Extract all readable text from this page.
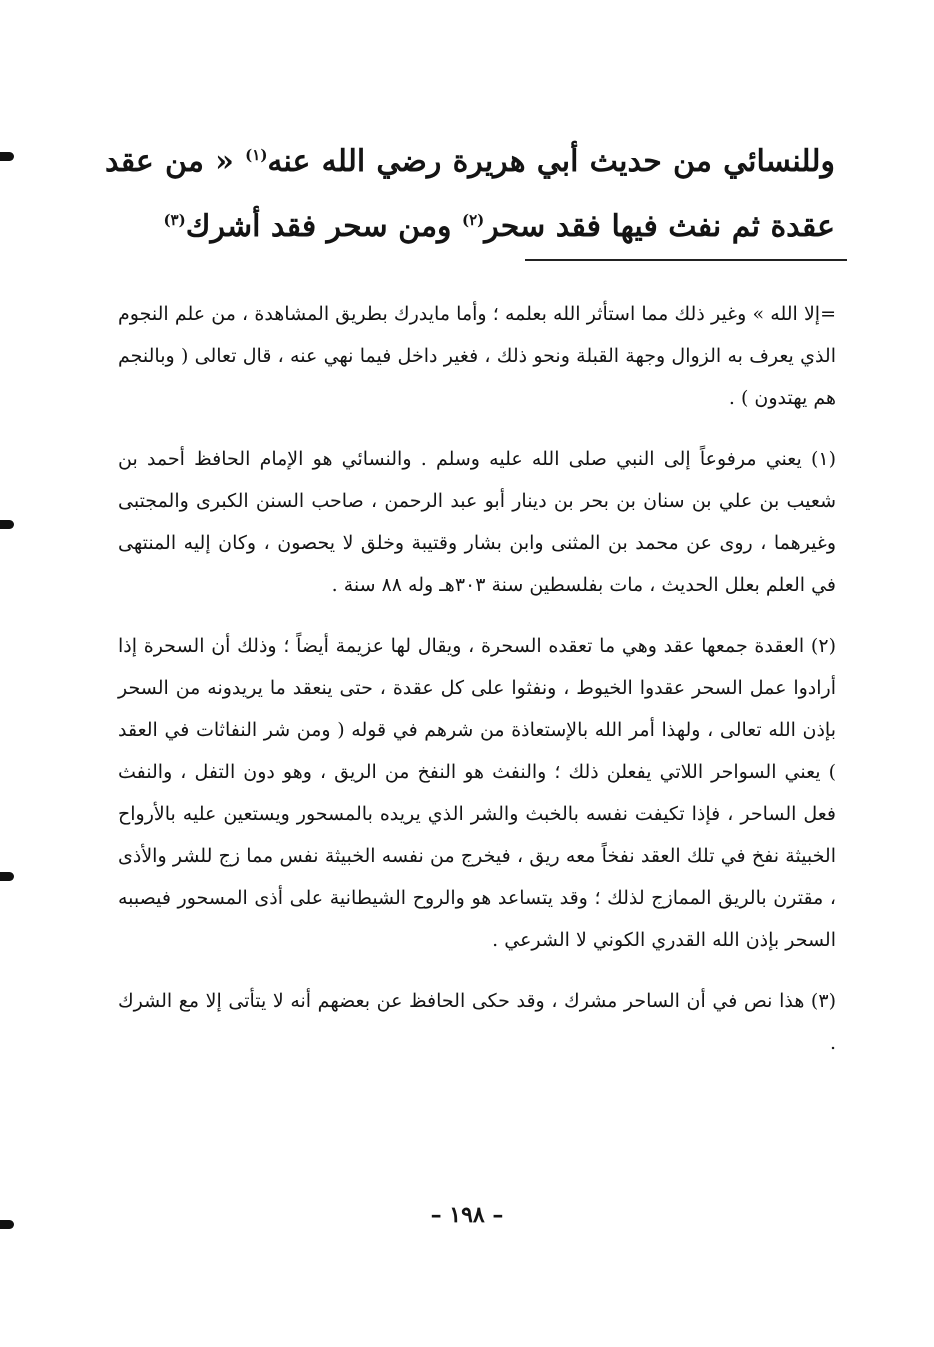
وللنسائي من حديث أبي هريرة رضي الله عنه$^{(١)}$ « من عقد عقدة ثم نفث فيها فقد سحر$^{(٢)}$ ومن سحر فقد أشرك$^{(٣)}$

=إلا الله » وغير ذلك مما استأثر الله بعلمه ؛ وأما مايدرك بطريق المشاهدة ، من علم النجوم الذي يعرف به الزوال وجهة القبلة ونحو ذلك ، فغير داخل فيما نهي عنه ، قال تعالى ( وبالنجم هم يهتدون ) .

(١) يعني مرفوعاً إلى النبي صلى الله عليه وسلم . والنسائي هو الإمام الحافظ أحمد بن شعيب بن علي بن سنان بن بحر بن دينار أبو عبد الرحمن ، صاحب السنن الكبرى والمجتبى وغيرهما ، روى عن محمد بن المثنى وابن بشار وقتيبة وخلق لا يحصون ، وكان إليه المنتهى في العلم بعلل الحديث ، مات بفلسطين سنة ٣٠٣هـ وله ٨٨ سنة .

(٢) العقدة جمعها عقد وهي ما تعقده السحرة ، ويقال لها عزيمة أيضاً ؛ وذلك أن السحرة إذا أرادوا عمل السحر عقدوا الخيوط ، ونفثوا على كل عقدة ، حتى ينعقد ما يريدونه من السحر بإذن الله تعالى ، ولهذا أمر الله بالإستعاذة من شرهم في قوله ( ومن شر النفاثات في العقد ) يعني السواحر اللاتي يفعلن ذلك ؛ والنفث هو النفخ من الريق ، وهو دون التفل ، والنفث فعل الساحر ، فإذا تكيفت نفسه بالخبث والشر الذي يريده بالمسحور ويستعين عليه بالأرواح الخبيثة نفخ في تلك العقد نفخاً معه ريق ، فيخرج من نفسه الخبيثة نفس مما زج للشر والأذى ، مقترن بالريق الممازج لذلك ؛ وقد يتساعد هو والروح الشيطانية على أذى المسحور فيصببه السحر بإذن الله القدري الكوني لا الشرعي .

(٣) هذا نص في أن الساحر مشرك ، وقد حكى الحافظ عن بعضهم أنه لا يتأتى إلا مع الشرك .

– ١٩٨ –
